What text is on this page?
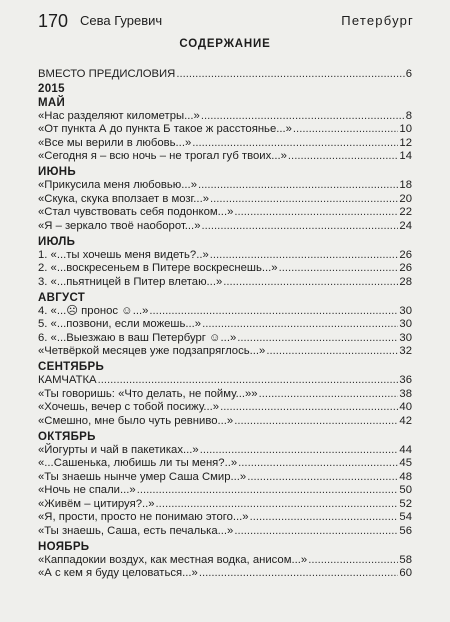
170 Сева Гуревич	Петербург
СОДЕРЖАНИЕ
ВМЕСТО ПРЕДИСЛОВИЯ .....	6
2015
МАЙ
«Нас разделяют километры...» .....	8
«От пункта А до пункта Б такое ж расстоянье...» .....	10
«Все мы верили в любовь...» .....	12
«Сегодня я – всю ночь – не трогал губ твоих...» .....	14
ИЮНЬ
«Прикусила меня любовью...» .....	18
«Скука, скука вползает в мозг...» .....	20
«Стал чувствовать себя подонком...» .....	22
«Я – зеркало твоё наоборот...» .....	24
ИЮЛЬ
1. «...ты хочешь меня видеть?..» .....	26
2. «...воскресеньем в Питере воскреснешь...» .....	26
3. «...пьятницей в Питер влетаю...» .....	28
АВГУСТ
4. «...☹ пронос ☺...» .....	30
5. «...позвони, если можешь...» .....	30
6. «...Выезжаю в ваш Петербург ☺...» .....	30
«Четвёркой месяцев уже подзапряглось...» .....	32
СЕНТЯБРЬ
КАМЧАТКА .....	36
«Ты говоришь: «Что делать, не пойму...»» .....	38
«Хочешь, вечер с тобой посижу...» .....	40
«Смешно, мне было чуть ревниво...» .....	42
ОКТЯБРЬ
«Йогурты и чай в пакетиках...» .....	44
«...Сашенька, любишь ли ты меня?..» .....	45
«Ты знаешь нынче умер Саша Смир...» .....	48
«Ночь не спали...» .....	50
«Живём – цитируя?..» .....	52
«Я, прости, просто не понимаю этого...» .....	54
«Ты знаешь, Саша, есть печалька...» .....	56
НОЯБРЬ
«Каппадокии воздух, как местная водка, анисом...» .....	58
«А с кем я буду целоваться...» .....	60
